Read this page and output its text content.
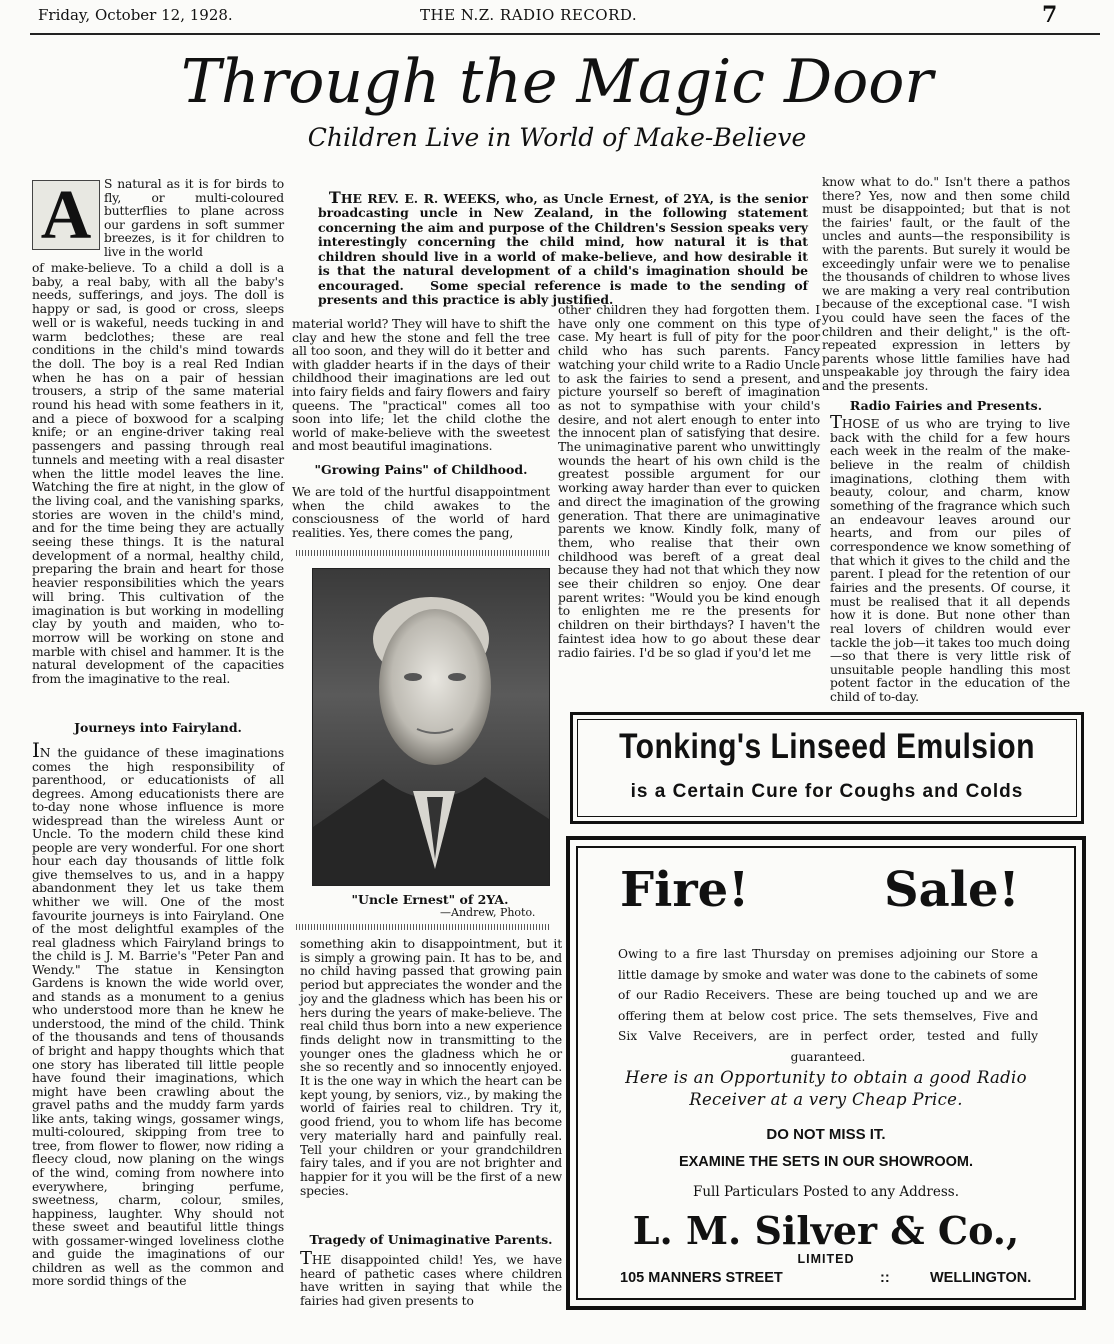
Friday, October 12, 1928.	THE N.Z. RADIO RECORD.	7
Through the Magic Door
Children Live in World of Make-Believe

THE REV. E. R. WEEKS, who, as Uncle Ernest, of 2YA, is the senior broadcasting uncle in New Zealand, in the following statement concerning the aim and purpose of the Children's Session speaks very interestingly concerning the child mind, how natural it is that children should live in a world of make-believe, and how desirable it is that the natural development of a child's imagination should be encouraged.   Some special reference is made to the sending of presents and this practice is ably justified.

A	S natural as it is for birds to fly, or multi-coloured butterflies to plane across our gardens in soft summer breezes, is it for children to live in the world
of make-believe. To a child a doll is a baby, a real baby, with all the baby's needs, sufferings, and joys. The doll is happy or sad, is good or cross, sleeps well or is wakeful, needs tucking in and warm bedclothes; these are real conditions in the child's mind towards the doll. The boy is a real Red Indian when he has on a pair of hessian trousers, a strip of the same material round his head with some feathers in it, and a piece of boxwood for a scalping knife; or an engine-driver taking real passengers and passing through real tunnels and meeting with a real disaster when the little model leaves the line. Watching the fire at night, in the glow of the living coal, and the vanishing sparks, stories are woven in the child's mind, and for the time being they are actually seeing these things. It is the natural development of a normal, healthy child, preparing the brain and heart for those heavier responsibilities which the years will bring. This cultivation of the imagination is but working in modelling clay by youth and maiden, who to-morrow will be working on stone and marble with chisel and hammer. It is the natural development of the capacities from the imaginative to the real.
Journeys into Fairyland.
IN the guidance of these imaginations comes the high responsibility of parenthood, or educationists of all degrees. Among educationists there are to-day none whose influence is more widespread than the wireless Aunt or Uncle. To the modern child these kind people are very wonderful. For one short hour each day thousands of little folk give themselves to us, and in a happy abandonment they let us take them whither we will. One of the most favourite journeys is into Fairyland. One of the most delightful examples of the real gladness which Fairyland brings to the child is J. M. Barrie's "Peter Pan and Wendy." The statue in Kensington Gardens is known the wide world over, and stands as a monument to a genius who understood more than he knew he understood, the mind of the child. Think of the thousands and tens of thousands of bright and happy thoughts which that one story has liberated till little people have found their imaginations, which might have been crawling about the gravel paths and the muddy farm yards like ants, taking wings, gossamer wings, multi-coloured, skipping from tree to tree, from flower to flower, now riding a fleecy cloud, now planing on the wings of the wind, coming from nowhere into everywhere, bringing perfume, sweetness, charm, colour, smiles, happiness, laughter. Why should not these sweet and beautiful little things with gossamer-winged loveliness clothe and guide the imaginations of our children as well as the common and more sordid things of the
material world? They will have to shift the clay and hew the stone and fell the tree all too soon, and they will do it better and with gladder hearts if in the days of their childhood their imaginations are led out into fairy fields and fairy flowers and fairy queens. The "practical" comes all too soon into life; let the child clothe the world of make-believe with the sweetest and most beautiful imaginations.
"Growing Pains" of Childhood.
We are told of the hurtful disappointment when the child awakes to the consciousness of the world of hard realities. Yes, there comes the pang,
"Uncle Ernest" of 2YA.
—Andrew, Photo.
something akin to disappointment, but it is simply a growing pain. It has to be, and no child having passed that growing pain period but appreciates the wonder and the joy and the gladness which has been his or hers during the years of make-believe. The real child thus born into a new experience finds delight now in transmitting to the younger ones the gladness which he or she so recently and so innocently enjoyed. It is the one way in which the heart can be kept young, by seniors, viz., by making the world of fairies real to children. Try it, good friend, you to whom life has become very materially hard and painfully real. Tell your children or your grandchildren fairy tales, and if you are not brighter and happier for it you will be the first of a new species.
Tragedy of Unimaginative Parents.
THE disappointed child! Yes, we have heard of pathetic cases where children have written in saying that while the fairies had given presents to
other children they had forgotten them. I have only one comment on this type of case. My heart is full of pity for the poor child who has such parents. Fancy watching your child write to a Radio Uncle to ask the fairies to send a present, and picture yourself so bereft of imagination as not to sympathise with your child's desire, and not alert enough to enter into the innocent plan of satisfying that desire. The unimaginative parent who unwittingly wounds the heart of his own child is the greatest possible argument for our working away harder than ever to quicken and direct the imagination of the growing generation. That there are unimaginative parents we know. Kindly folk, many of them, who realise that their own childhood was bereft of a great deal because they had not that which they now see their children so enjoy. One dear parent writes: "Would you be kind enough to enlighten me re the presents for children on their birthdays? I haven't the faintest idea how to go about these dear radio fairies. I'd be so glad if you'd let me
know what to do." Isn't there a pathos there? Yes, now and then some child must be disappointed; but that is not the fairies' fault, or the fault of the uncles and aunts—the responsibility is with the parents. But surely it would be exceedingly unfair were we to penalise the thousands of children to whose lives we are making a very real contribution because of the exceptional case. "I wish you could have seen the faces of the children and their delight," is the oft-repeated expression in letters by parents whose little families have had unspeakable joy through the fairy idea and the presents.
Radio Fairies and Presents.
THOSE of us who are trying to live back with the child for a few hours each week in the realm of the make-believe in the realm of childish imaginations, clothing them with beauty, colour, and charm, know something of the fragrance which such an endeavour leaves around our hearts, and from our piles of correspondence we know something of that which it gives to the child and the parent. I plead for the retention of our fairies and the presents. Of course, it must be realised that it all depends how it is done. But none other than real lovers of children would ever tackle the job—it takes too much doing—so that there is very little risk of unsuitable people handling this most potent factor in the education of the child of to-day.
Tonking's Linseed Emulsion
is a Certain Cure for Coughs and Colds
Fire!	Sale!
Owing to a fire last Thursday on premises adjoining our Store a little damage by smoke and water was done to the cabinets of some of our Radio Receivers. These are being touched up and we are offering them at below cost price. The sets themselves, Five and Six Valve Receivers, are in perfect order, tested and fully guaranteed.
Here is an Opportunity to obtain a good Radio
Receiver at a very Cheap Price.
DO NOT MISS IT.
EXAMINE THE SETS IN OUR SHOWROOM.
Full Particulars Posted to any Address.
L. M. Silver & Co.,
LIMITED
105 MANNERS STREET	::	WELLINGTON.
